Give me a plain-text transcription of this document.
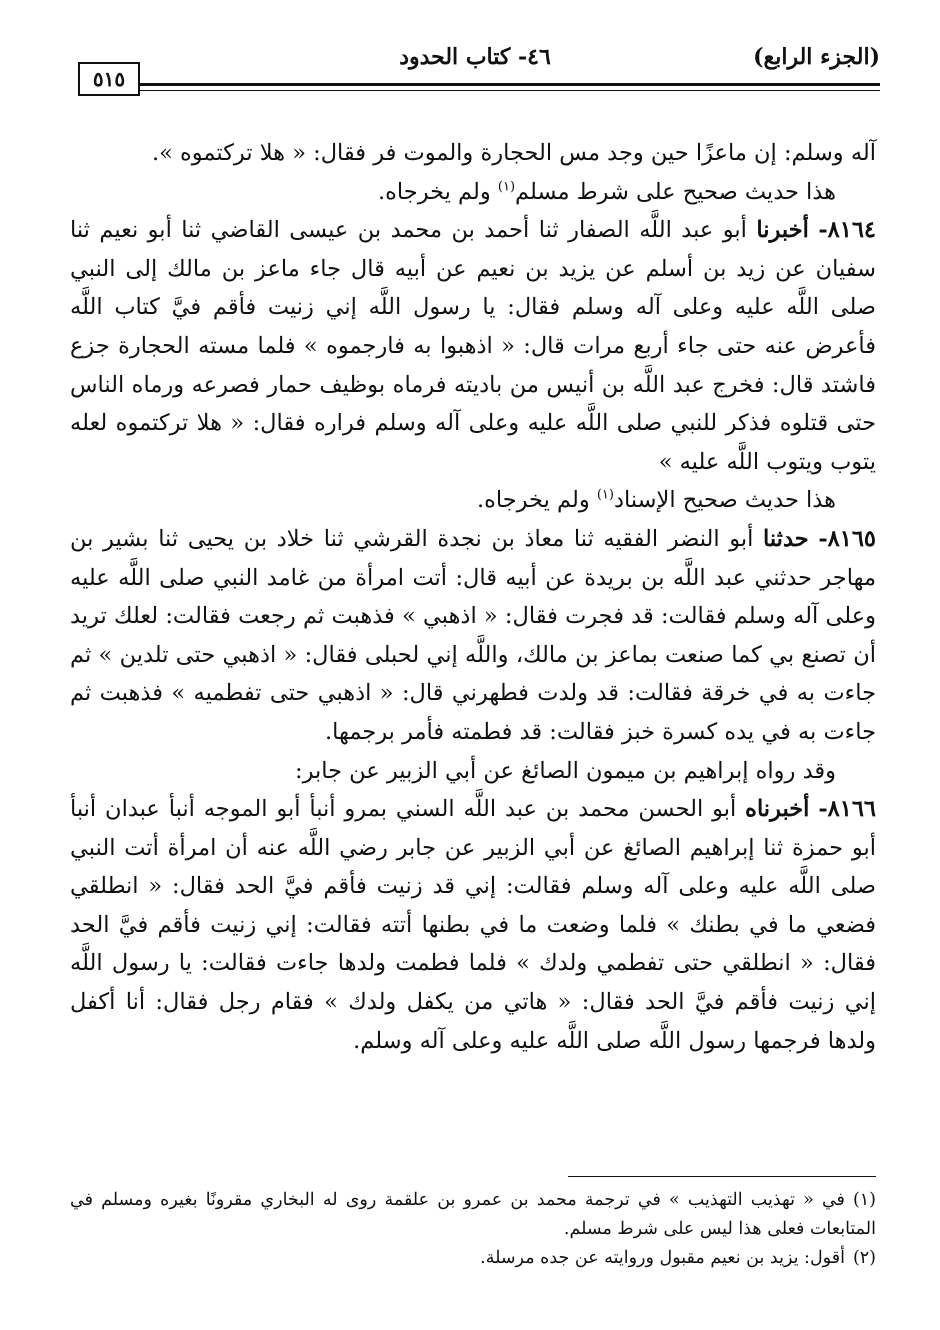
(الجزء الرابع)
٤٦- كتاب الحدود
٥١٥

آله وسلم: إن ماعزًا حين وجد مس الحجارة والموت فر فقال: « هلا تركتموه ».

هذا حديث صحيح على شرط مسلم$^{(١)}$ ولم يخرجاه.

٨١٦٤- أخبرنا أبو عبد اللَّه الصفار ثنا أحمد بن محمد بن عيسى القاضي ثنا أبو نعيم ثنا سفيان عن زيد بن أسلم عن يزيد بن نعيم عن أبيه قال جاء ماعز بن مالك إلى النبي صلى اللَّه عليه وعلى آله وسلم فقال: يا رسول اللَّه إني زنيت فأقم فيَّ كتاب اللَّه فأعرض عنه حتى جاء أربع مرات قال: « اذهبوا به فارجموه » فلما مسته الحجارة جزع فاشتد قال: فخرج عبد اللَّه بن أنيس من باديته فرماه بوظيف حمار فصرعه ورماه الناس حتى قتلوه فذكر للنبي صلى اللَّه عليه وعلى آله وسلم فراره فقال: « هلا تركتموه لعله يتوب ويتوب اللَّه عليه »

هذا حديث صحيح الإسناد$^{(١)}$ ولم يخرجاه.

٨١٦٥- حدثنا أبو النضر الفقيه ثنا معاذ بن نجدة القرشي ثنا خلاد بن يحيى ثنا بشير بن مهاجر حدثني عبد اللَّه بن بريدة عن أبيه قال: أتت امرأة من غامد النبي صلى اللَّه عليه وعلى آله وسلم فقالت: قد فجرت فقال: « اذهبي » فذهبت ثم رجعت فقالت: لعلك تريد أن تصنع بي كما صنعت بماعز بن مالك، واللَّه إني لحبلى فقال: « اذهبي حتى تلدين » ثم جاءت به في خرقة فقالت: قد ولدت فطهرني قال: « اذهبي حتى تفطميه » فذهبت ثم جاءت به في يده كسرة خبز فقالت: قد فطمته فأمر برجمها.

وقد رواه إبراهيم بن ميمون الصائغ عن أبي الزبير عن جابر:

٨١٦٦- أخبرناه أبو الحسن محمد بن عبد اللَّه السني بمرو أنبأ أبو الموجه أنبأ عبدان أنبأ أبو حمزة ثنا إبراهيم الصائغ عن أبي الزبير عن جابر رضي اللَّه عنه أن امرأة أتت النبي صلى اللَّه عليه وعلى آله وسلم فقالت: إني قد زنيت فأقم فيَّ الحد فقال: « انطلقي فضعي ما في بطنك » فلما وضعت ما في بطنها أتته فقالت: إني زنيت فأقم فيَّ الحد فقال: « انطلقي حتى تفطمي ولدك » فلما فطمت ولدها جاءت فقالت: يا رسول اللَّه إني زنيت فأقم فيَّ الحد فقال: « هاتي من يكفل ولدك » فقام رجل فقال: أنا أكفل ولدها فرجمها رسول اللَّه صلى اللَّه عليه وعلى آله وسلم.

(١)في « تهذيب التهذيب » في ترجمة محمد بن عمرو بن علقمة روى له البخاري مقرونًا بغيره ومسلم في المتابعات فعلى هذا ليس على شرط مسلم.

(٢)أقول: يزيد بن نعيم مقبول وروايته عن جده مرسلة.
